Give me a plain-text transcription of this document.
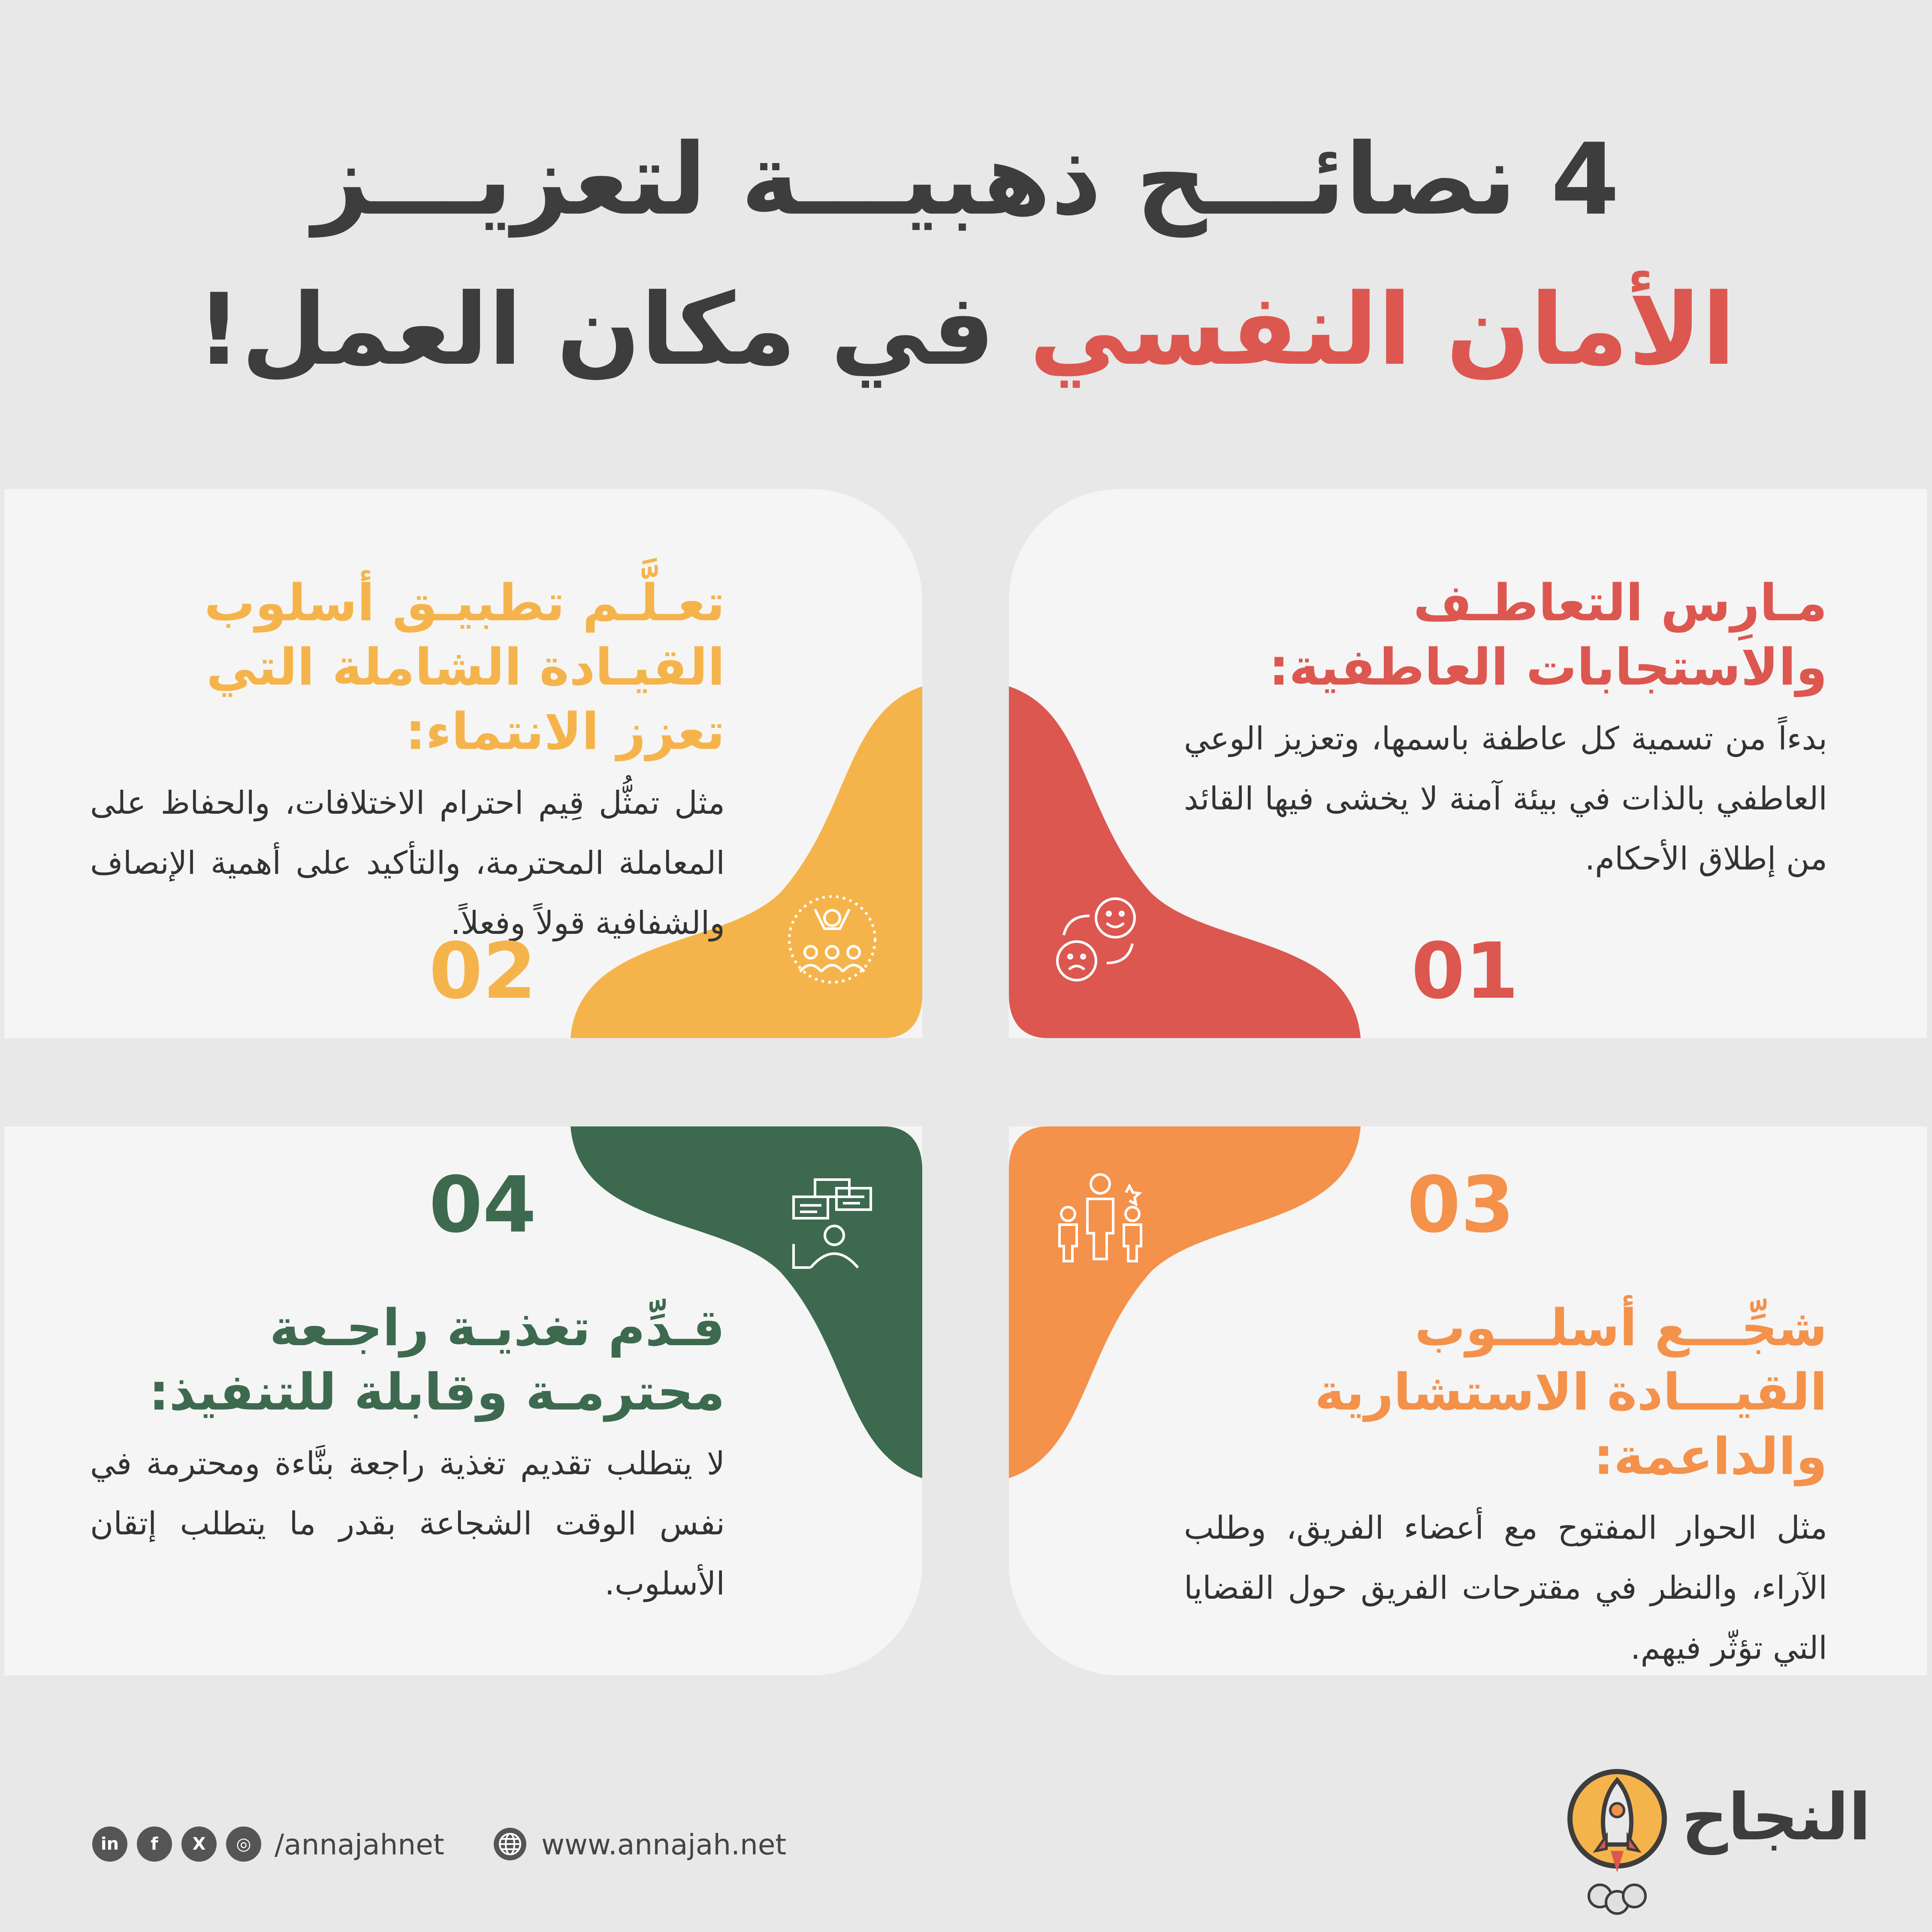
4 نصائـــح ذهبيـــة لتعزيـــز
الأمان النفسي في مكان العمل!
مـارِس التعاطـف والاستجابات العاطفية:
بدءاً من تسمية كل عاطفة باسمها، وتعزيز الوعي العاطفي بالذات في بيئة آمنة لا يخشى فيها القائد من إطلاق الأحكام.
01
تعـلَّـم تطبيـق أسلوب القيـادة الشاملة التي تعزز الانتماء:
مثل تمثُّل قِيم احترام الاختلافات، والحفاظ على المعاملة المحترمة، والتأكيد على أهمية الإنصاف والشفافية قولاً وفعلاً.
02
03
شجِّـــع أسلـــوب القيـــادة الاستشارية والداعمة:
مثل الحوار المفتوح مع أعضاء الفريق، وطلب الآراء، والنظر في مقترحات الفريق حول القضايا التي تؤثّر فيهم.
04
قـدِّم تغذيـة راجـعة محترمـة وقابلة للتنفيذ:
لا يتطلب تقديم تغذية راجعة بنَّاءة ومحترمة في نفس الوقت الشجاعة بقدر ما يتطلب إتقان الأسلوب.
in	f	X	◎ /annajahnet	www.annajah.net	النجاح
